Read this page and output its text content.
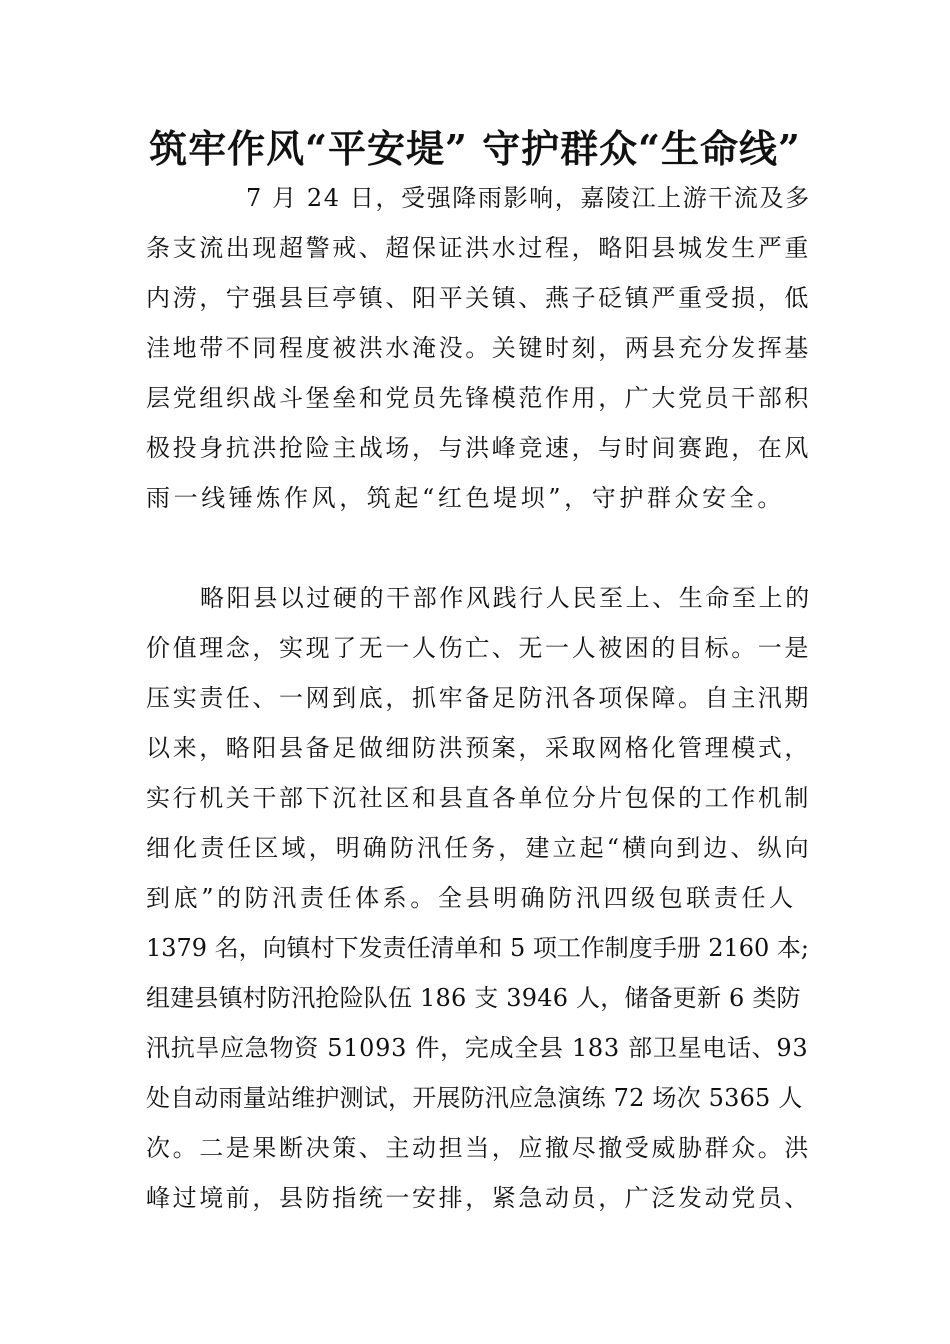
筑牢作风“平安堤” 守护群众“生命线”
7 月 24 日，受强降雨影响，嘉陵江上游干流及多
条支流出现超警戒、超保证洪水过程，略阳县城发生严重
内涝，宁强县巨亭镇、阳平关镇、燕子砭镇严重受损，低
洼地带不同程度被洪水淹没。关键时刻，两县充分发挥基
层党组织战斗堡垒和党员先锋模范作用，广大党员干部积
极投身抗洪抢险主战场，与洪峰竞速，与时间赛跑，在风
雨一线锤炼作风，筑起“红色堤坝”，守护群众安全。
略阳县以过硬的干部作风践行人民至上、生命至上的
价值理念，实现了无一人伤亡、无一人被困的目标。一是
压实责任、一网到底，抓牢备足防汛各项保障。自主汛期
以来，略阳县备足做细防洪预案，采取网格化管理模式，
实行机关干部下沉社区和县直各单位分片包保的工作机制
细化责任区域，明确防汛任务，建立起“横向到边、纵向
到底”的防汛责任体系。全县明确防汛四级包联责任人
1379 名，向镇村下发责任清单和 5 项工作制度手册 2160 本;
组建县镇村防汛抢险队伍 186 支 3946 人，储备更新 6 类防
汛抗旱应急物资 51093 件，完成全县 183 部卫星电话、93
处自动雨量站维护测试，开展防汛应急演练 72 场次 5365 人
次。二是果断决策、主动担当，应撤尽撤受威胁群众。洪
峰过境前，县防指统一安排，紧急动员，广泛发动党员、
